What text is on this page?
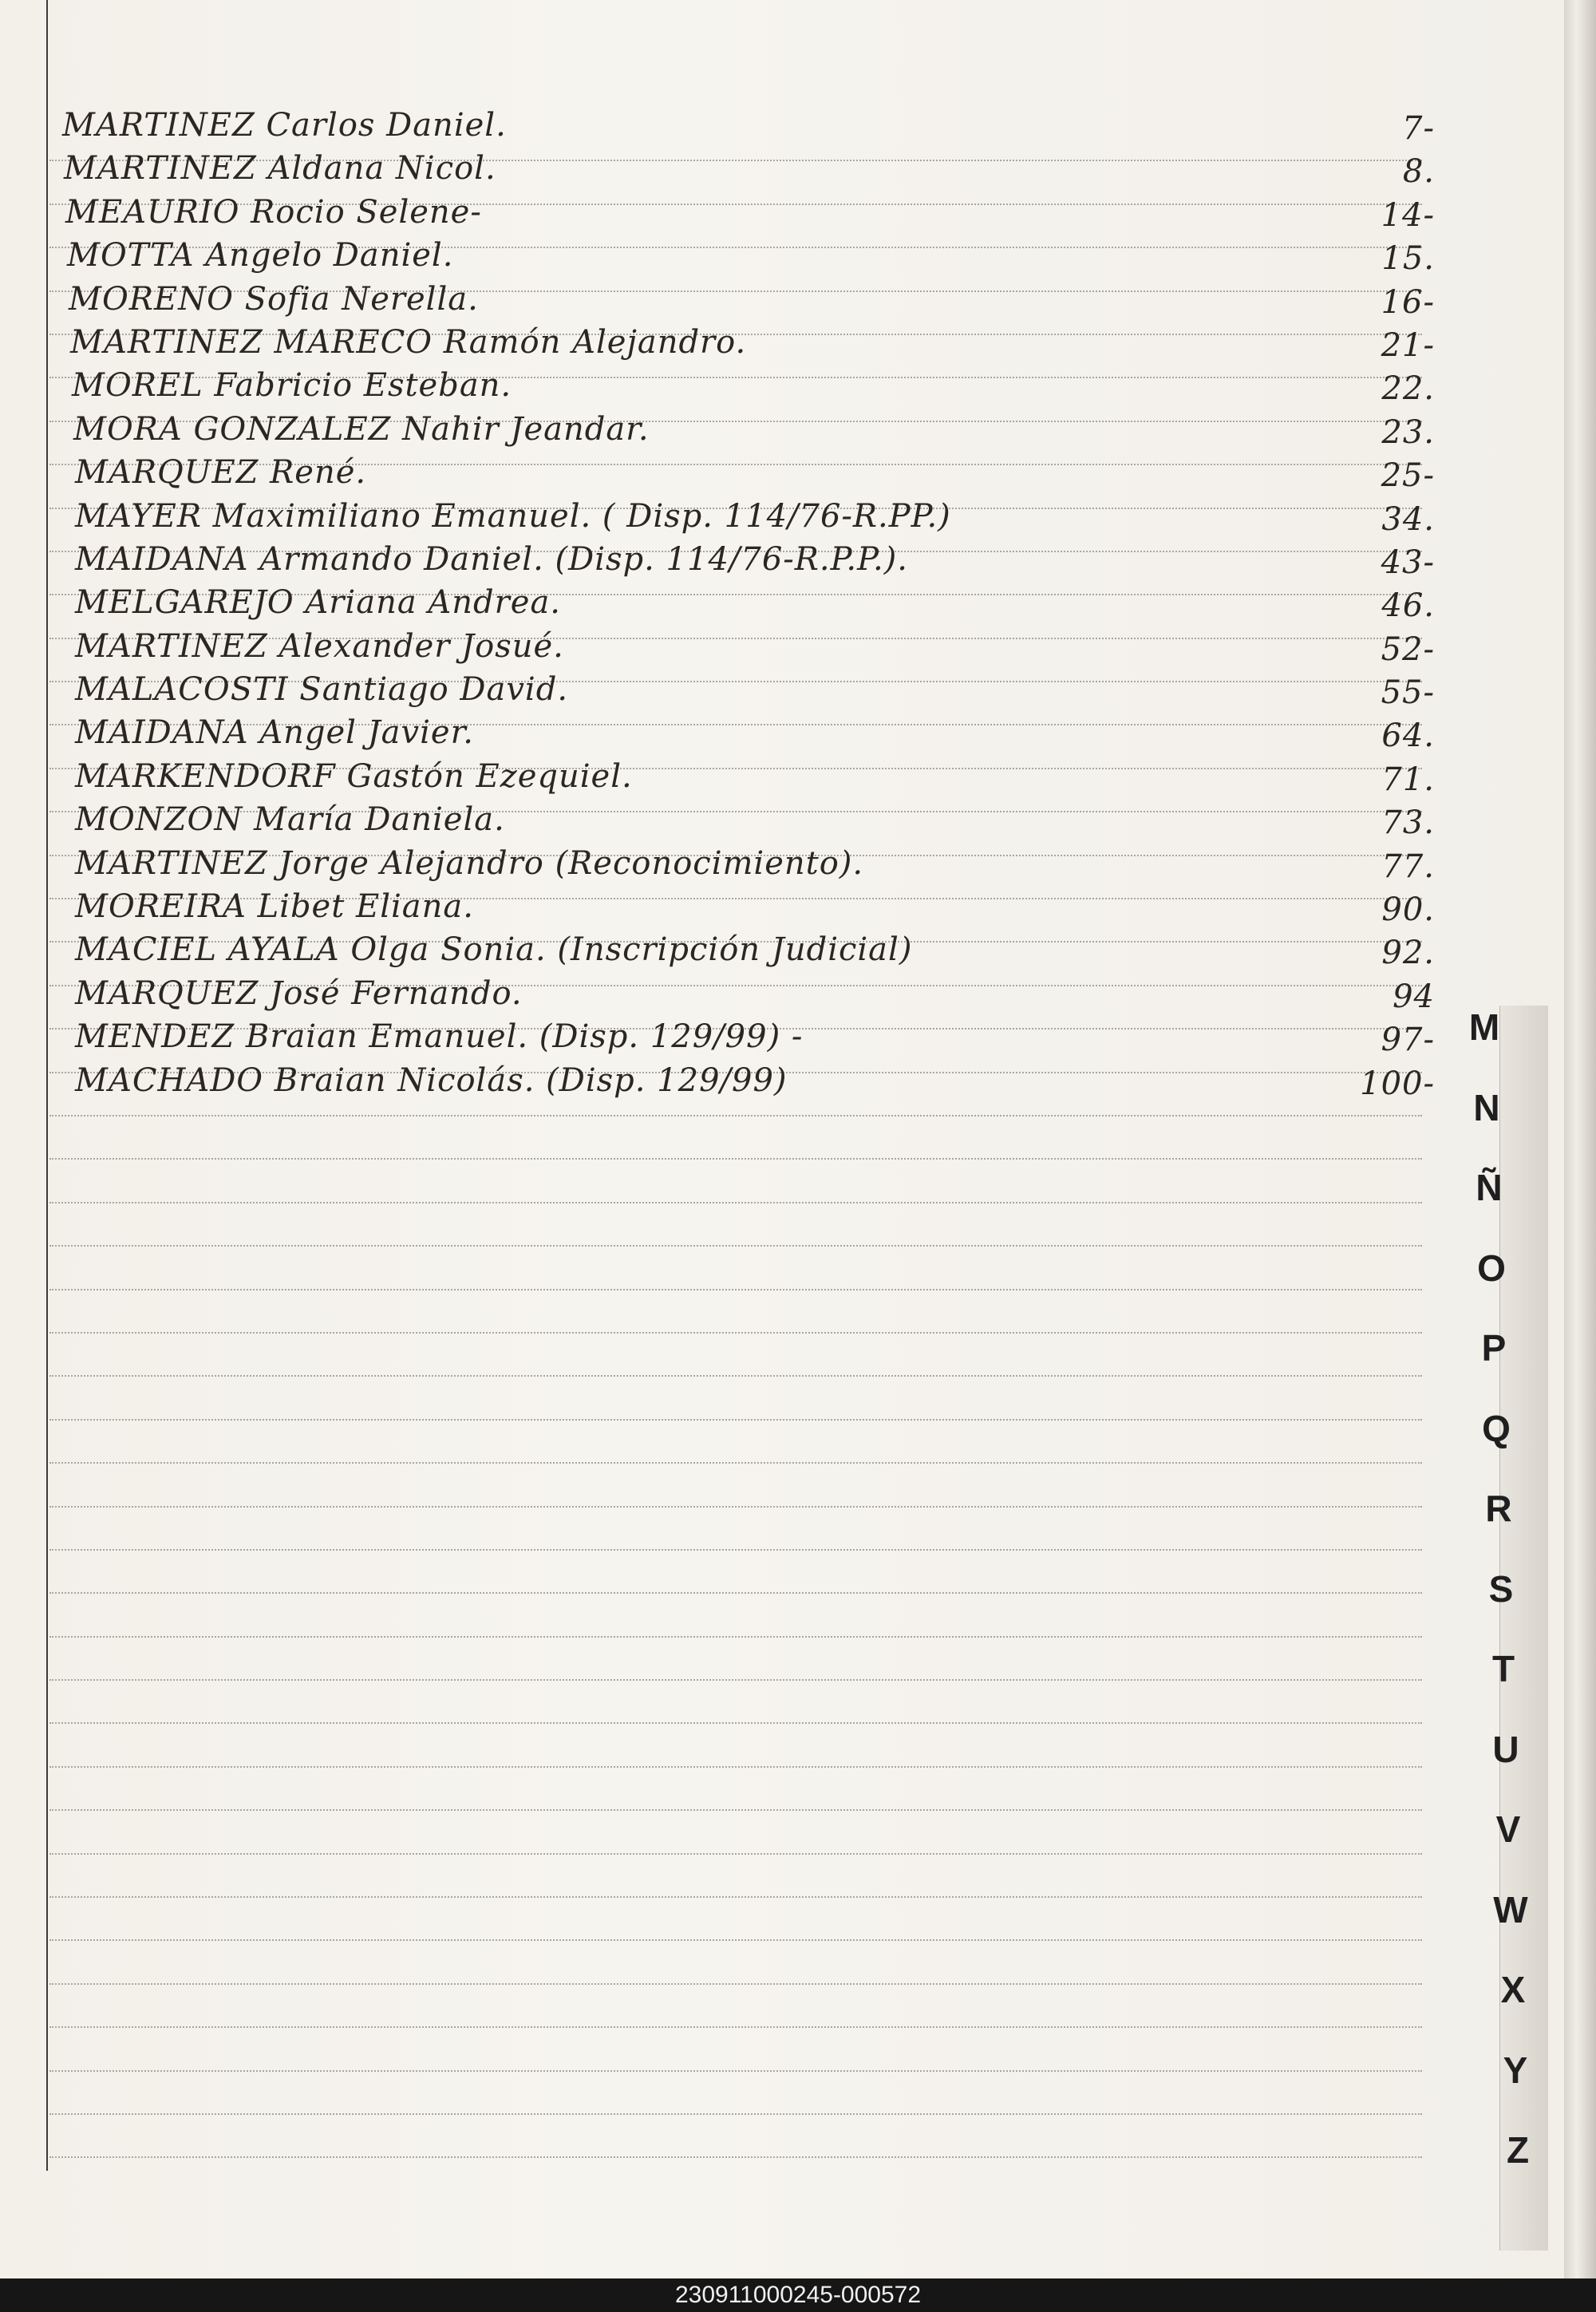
MARTINEZ Carlos Daniel.	7-
MARTINEZ Aldana Nicol.	8.
MEAURIO Rocio Selene-	14-
MOTTA Angelo Daniel.	15.
MORENO Sofia Nerella.	16-
MARTINEZ MARECO Ramón Alejandro.	21-
MOREL Fabricio Esteban.	22.
MORA GONZALEZ Nahir Jeandar.	23.
MARQUEZ René.	25-
MAYER Maximiliano Emanuel. ( Disp. 114/76-R.PP.)	34.
MAIDANA Armando Daniel. (Disp. 114/76-R.P.P.).	43-
MELGAREJO Ariana Andrea.	46.
MARTINEZ Alexander Josué.	52-
MALACOSTI Santiago David.	55-
MAIDANA Angel Javier.	64.
MARKENDORF Gastón Ezequiel.	71.
MONZON María Daniela.	73.
MARTINEZ Jorge Alejandro (Reconocimiento).	77.
MOREIRA Libet Eliana.	90.
MACIEL AYALA Olga Sonia. (Inscripción Judicial)	92.
MARQUEZ José Fernando.	94
MENDEZ Braian Emanuel. (Disp. 129/99) -	97-
MACHADO Braian Nicolás. (Disp. 129/99)	100-
M
N
Ñ
O
P
Q
R
S
T
U
V
W
X
Y
Z
230911000245-000572
